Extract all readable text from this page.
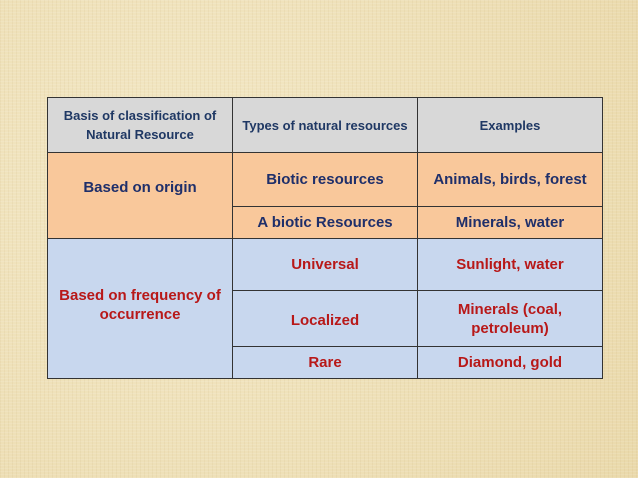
Basis of classification of Natural Resource	Types of natural resources	Examples

Based on origin	Biotic resources	Animals, birds, forest
	A biotic Resources	Minerals, water

Based on frequency of occurrence	Universal	Sunlight, water

	Localized	Minerals (coal, petroleum)
	Rare	Diamond, gold
